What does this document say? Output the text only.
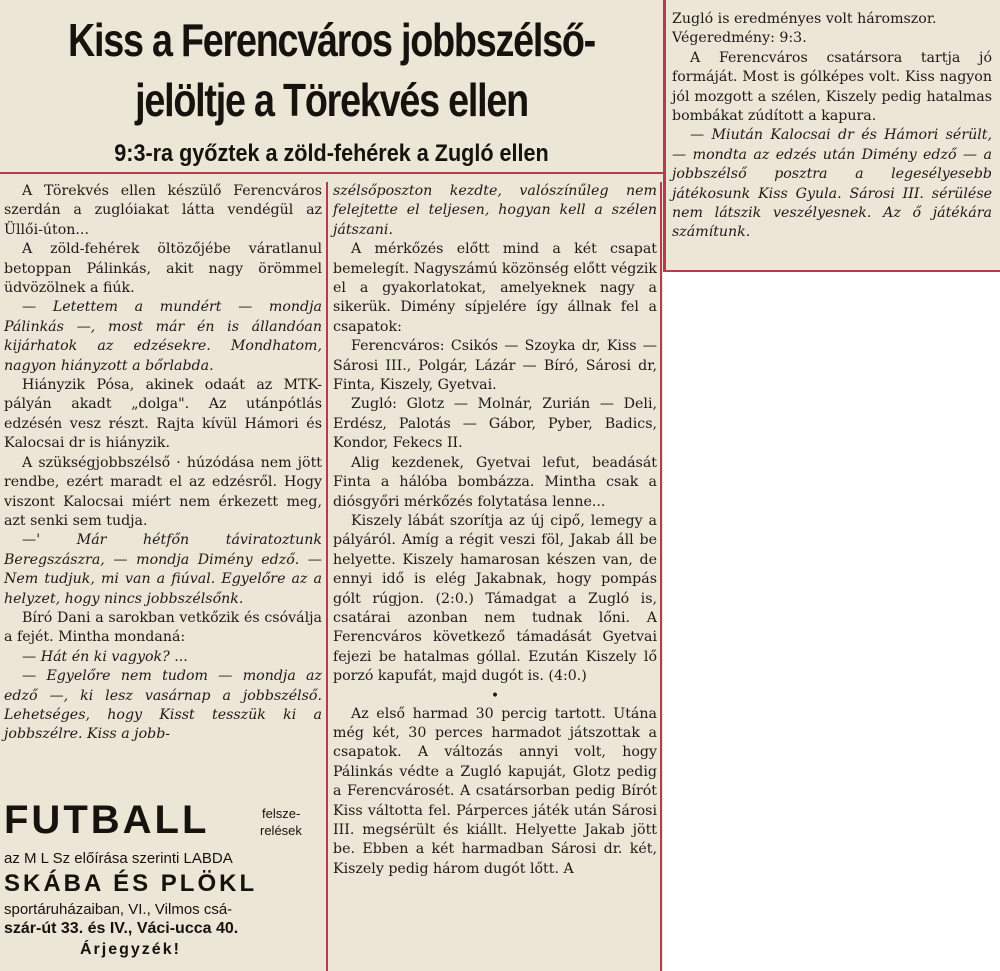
Kiss a Ferencváros jobbszélső-
jelöltje a Törekvés ellen
9:3-ra győztek a zöld-fehérek a Zugló ellen

A Törekvés ellen készülő Ferencváros szerdán a zuglóiakat látta vendégül az Üllői-úton...

A zöld-fehérek öltözőjébe váratlanul betoppan Pálinkás, akit nagy örömmel üdvözölnek a fiúk.

— Letettem a mundért — mondja Pálinkás —, most már én is állandóan kijárhatok az edzésekre. Mondhatom, nagyon hiányzott a bőrlabda.

Hiányzik Pósa, akinek odaát az MTK-pályán akadt „dolga". Az utánpótlás edzésén vesz részt. Rajta kívül Hámori és Kalocsai dr is hiányzik.

A szükségjobbszélső · húzódása nem jött rendbe, ezért maradt el az edzésről. Hogy viszont Kalocsai miért nem érkezett meg, azt senki sem tudja.

—' Már hétfőn táviratoztunk Beregszászra, — mondja Dimény edző. — Nem tudjuk, mi van a fiúval. Egyelőre az a helyzet, hogy nincs jobbszélsőnk.

Bíró Dani a sarokban vetkőzik és csóválja a fejét. Mintha mondaná:

— Hát én ki vagyok? ...

— Egyelőre nem tudom — mondja az edző —, ki lesz vasárnap a jobbszélső. Lehetséges, hogy Kisst tesszük ki a jobbszélre. Kiss a jobb-

FUTBALL	felsze-
relések
az M L Sz előírása szerinti LABDA
SKÁBA ÉS PLÖKL
sportáruházaiban, VI., Vilmos csá-
szár-út 33. és IV., Váci-ucca 40.
Árjegyzék!

szélsőposzton kezdte, valószínűleg nem felejtette el teljesen, hogyan kell a szélen játszani.

A mérkőzés előtt mind a két csapat bemelegít. Nagyszámú közönség előtt végzik el a gyakorlatokat, amelyeknek nagy a sikerük. Dimény sípjelére így állnak fel a csapatok:

Ferencváros: Csikós — Szoyka dr, Kiss — Sárosi III., Polgár, Lázár — Bíró, Sárosi dr, Finta, Kiszely, Gyetvai.

Zugló: Glotz — Molnár, Zurián — Deli, Erdész, Palotás — Gábor, Pyber, Badics, Kondor, Fekecs II.

Alig kezdenek, Gyetvai lefut, beadását Finta a hálóba bombázza. Mintha csak a diósgyőri mérkőzés folytatása lenne...

Kiszely lábát szorítja az új cipő, lemegy a pályáról. Amíg a régit veszi föl, Jakab áll be helyette. Kiszely hamarosan készen van, de ennyi idő is elég Jakabnak, hogy pompás gólt rúgjon. (2:0.) Támadgat a Zugló is, csatárai azonban nem tudnak lőni. A Ferencváros következő támadását Gyetvai fejezi be hatalmas góllal. Ezután Kiszely lő porzó kapufát, majd dugót is. (4:0.)

•

Az első harmad 30 percig tartott. Utána még két, 30 perces harmadot játszottak a csapatok. A változás annyi volt, hogy Pálinkás védte a Zugló kapuját, Glotz pedig a Ferencvárosét. A csatársorban pedig Bírót Kiss váltotta fel. Párperces játék után Sárosi III. megsérült és kiállt. Helyette Jakab jött be. Ebben a két harmadban Sárosi dr. két, Kiszely pedig három dugót lőtt. A

Zugló is eredményes volt háromszor.

Végeredmény: 9:3.

A Ferencváros csatársora tartja jó formáját. Most is gólképes volt. Kiss nagyon jól mozgott a szélen, Kiszely pedig hatalmas bombákat zúdított a kapura.

— Miután Kalocsai dr és Hámori sérült, — mondta az edzés után Dimény edző — a jobbszélső posztra a legesélyesebb játékosunk Kiss Gyula. Sárosi III. sérülése nem látszik veszélyesnek. Az ő játékára számítunk.
